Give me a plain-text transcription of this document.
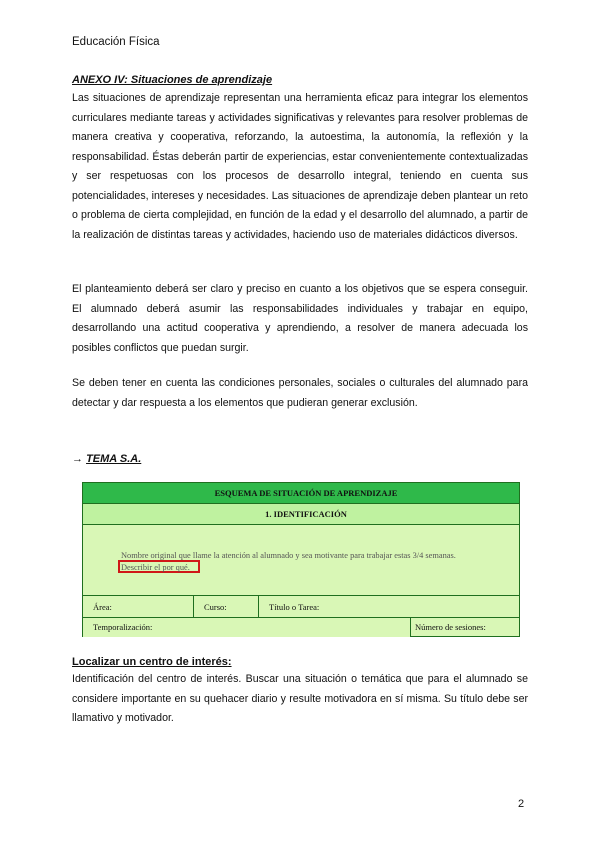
Educación Física
ANEXO IV: Situaciones de aprendizaje

Las situaciones de aprendizaje representan una herramienta eficaz para integrar los elementos curriculares mediante tareas y actividades significativas y relevantes para resolver problemas de manera creativa y cooperativa, reforzando, la autoestima, la autonomía, la reflexión y la responsabilidad. Éstas deberán partir de experiencias, estar convenientemente contextualizadas y ser respetuosas con los procesos de desarrollo integral, teniendo en cuenta sus potencialidades, intereses y necesidades. Las situaciones de aprendizaje deben plantear un reto o problema de cierta complejidad, en función de la edad y el desarrollo del alumnado, a partir de la realización de distintas tareas y actividades, haciendo uso de materiales didácticos diversos.

El planteamiento deberá ser claro y preciso en cuanto a los objetivos que se espera conseguir. El alumnado deberá asumir las responsabilidades individuales y trabajar en equipo, desarrollando una actitud cooperativa y aprendiendo, a resolver de manera adecuada los posibles conflictos que puedan surgir.

Se deben tener en cuenta las condiciones personales, sociales o culturales del alumnado para detectar y dar respuesta a los elementos que pudieran generar exclusión.

→ TEMA S.A.
ESQUEMA DE SITUACIÓN DE APRENDIZAJE			
1. IDENTIFICACIÓN			

Nombre original que llame la atención al alumnado y sea motivante para trabajar estas 3/4 semanas.
Describir el por qué.			

Área:	Curso:	Título o Tarea:	
Temporalización:			Número de sesiones:
Localizar un centro de interés:

Identificación del centro de interés. Buscar una situación o temática que para el alumnado se considere importante en su quehacer diario y resulte motivadora en sí misma. Su título debe ser llamativo y motivador.

2
